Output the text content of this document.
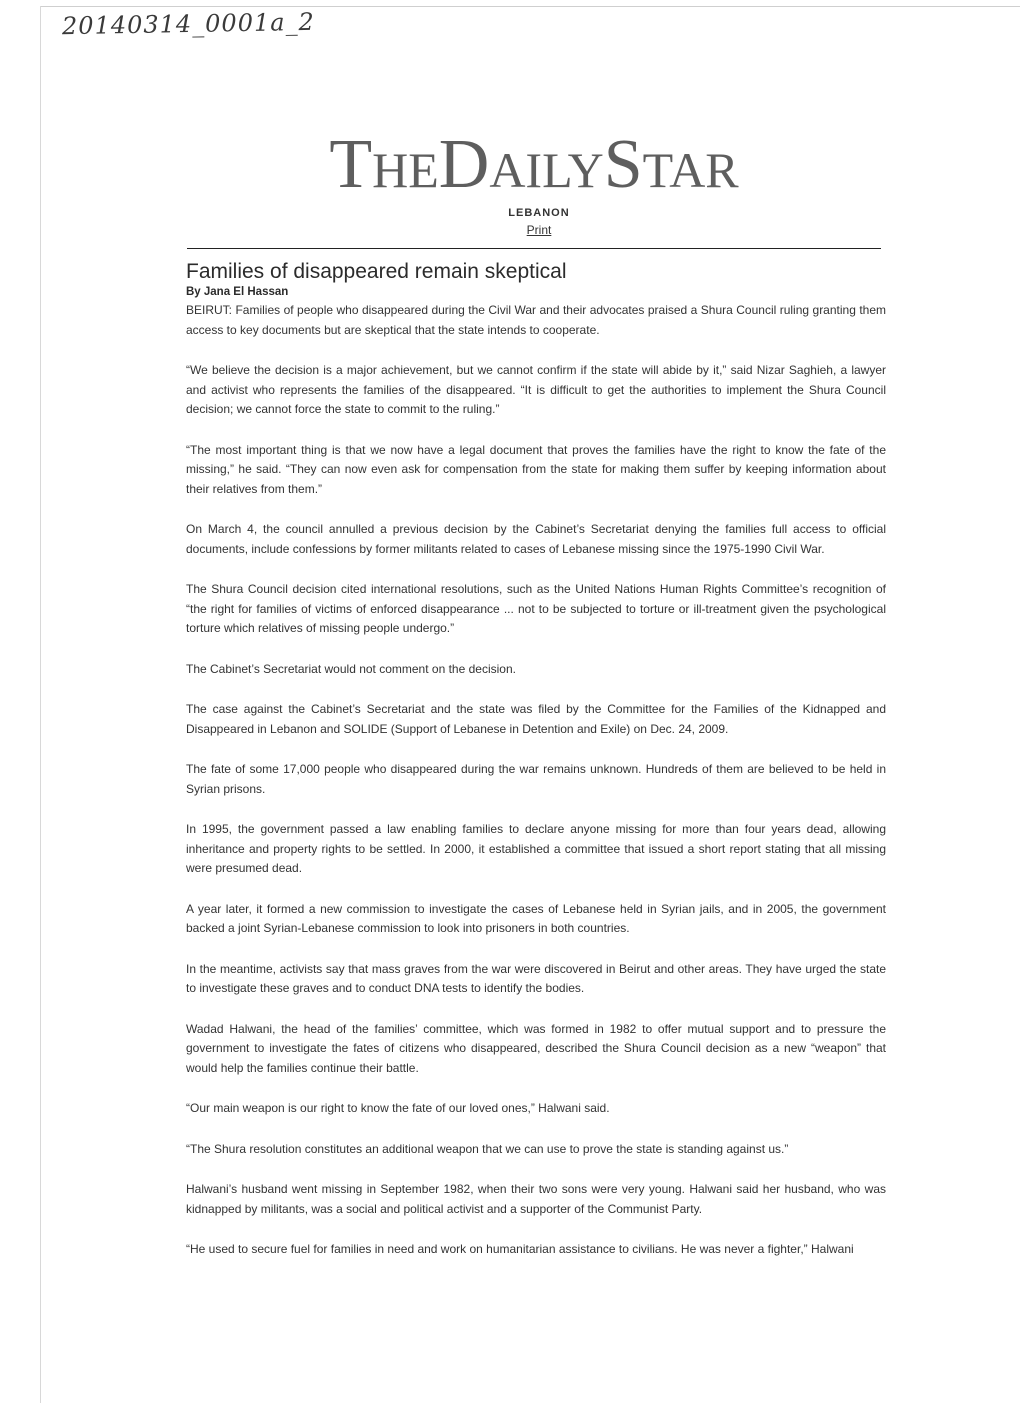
20140314_0001a_2
THEDAILYSTAR
LEBANON
Print
Families of disappeared remain skeptical

By Jana El Hassan

BEIRUT: Families of people who disappeared during the Civil War and their advocates praised a Shura Council ruling granting them access to key documents but are skeptical that the state intends to cooperate.

“We believe the decision is a major achievement, but we cannot confirm if the state will abide by it,” said Nizar Saghieh, a lawyer and activist who represents the families of the disappeared. “It is difficult to get the authorities to implement the Shura Council decision; we cannot force the state to commit to the ruling.”

“The most important thing is that we now have a legal document that proves the families have the right to know the fate of the missing,” he said. “They can now even ask for compensation from the state for making them suffer by keeping information about their relatives from them.”

On March 4, the council annulled a previous decision by the Cabinet’s Secretariat denying the families full access to official documents, include confessions by former militants related to cases of Lebanese missing since the 1975-1990 Civil War.

The Shura Council decision cited international resolutions, such as the United Nations Human Rights Committee’s recognition of “the right for families of victims of enforced disappearance ... not to be subjected to torture or ill-treatment given the psychological torture which relatives of missing people undergo.”

The Cabinet’s Secretariat would not comment on the decision.

The case against the Cabinet’s Secretariat and the state was filed by the Committee for the Families of the Kidnapped and Disappeared in Lebanon and SOLIDE (Support of Lebanese in Detention and Exile) on Dec. 24, 2009.

The fate of some 17,000 people who disappeared during the war remains unknown. Hundreds of them are believed to be held in Syrian prisons.

In 1995, the government passed a law enabling families to declare anyone missing for more than four years dead, allowing inheritance and property rights to be settled. In 2000, it established a committee that issued a short report stating that all missing were presumed dead.

A year later, it formed a new commission to investigate the cases of Lebanese held in Syrian jails, and in 2005, the government backed a joint Syrian-Lebanese commission to look into prisoners in both countries.

In the meantime, activists say that mass graves from the war were discovered in Beirut and other areas. They have urged the state to investigate these graves and to conduct DNA tests to identify the bodies.

Wadad Halwani, the head of the families’ committee, which was formed in 1982 to offer mutual support and to pressure the government to investigate the fates of citizens who disappeared, described the Shura Council decision as a new “weapon” that would help the families continue their battle.

“Our main weapon is our right to know the fate of our loved ones,” Halwani said.

“The Shura resolution constitutes an additional weapon that we can use to prove the state is standing against us.”

Halwani’s husband went missing in September 1982, when their two sons were very young. Halwani said her husband, who was kidnapped by militants, was a social and political activist and a supporter of the Communist Party.

“He used to secure fuel for families in need and work on humanitarian assistance to civilians. He was never a fighter,” Halwani
